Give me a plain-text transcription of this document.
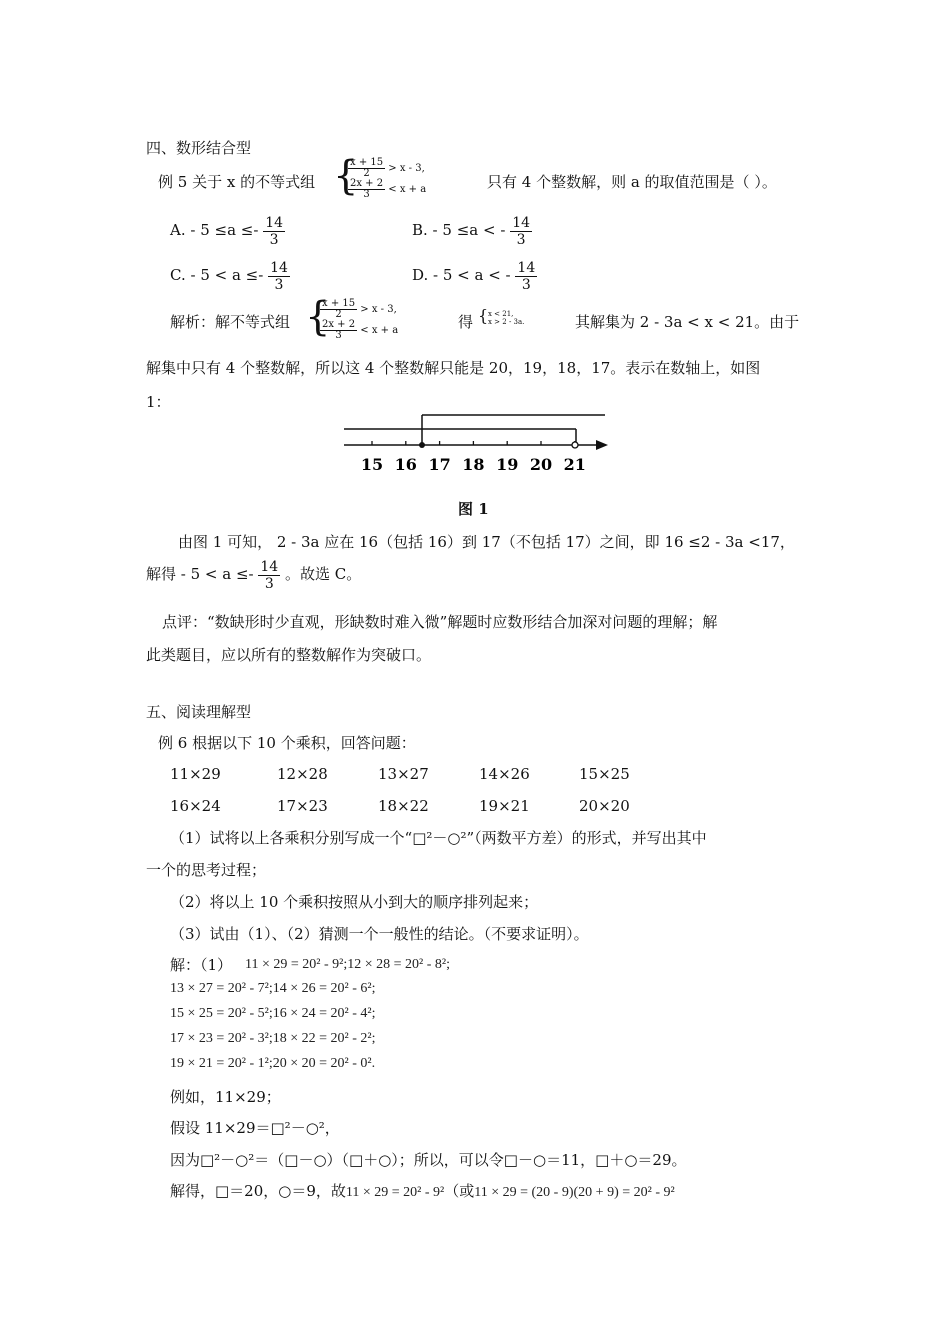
四、数形结合型
例 5 关于 x 的不等式组 {
$\frac{x + 15}{2} > x - 3$,

$\frac{2x + 2}{3} < x + a$	只有 4 个整数解，则 a 的取值范围是（ ）。
A. - $5 \le a \le- \frac{14}{3}$	B. - 5 ≤a < - $\frac{14}{3}$
C. - $5 < a \le- \frac{14}{3}$	D. - 5 < a < - $\frac{14}{3}$
解析：解不等式组 {
$\frac{x + 15}{2} > x - 3$,

$\frac{2x + 2}{3} < x + a$	得 { x < 21,
x > 2 - 3a.	其解集为 2 - 3a < x < 21。由于
解集中只有 4 个整数解，所以这 4 个整数解只能是 20，19，18，17。表示在数轴上，如图
1：
15 16 17 18 19 20 21
图 1
由图 1 可知， 2 - 3a 应在 16（包括 16）到 17（不包括 17）之间，即 16 ≤2 - 3a <17，
解得 - $5 < a \le- \frac{14}{3}$ 。故选 C。
点评：“数缺形时少直观，形缺数时难入微”解题时应数形结合加深对问题的理解；解
此类题目，应以所有的整数解作为突破口。
五、阅读理解型
例 6 根据以下 10 个乘积，回答问题：
11×29	12×28	13×27	14×26	15×25
16×24	17×23	18×22	19×21	20×20
（1）试将以上各乘积分别写成一个“□²－○²”（两数平方差）的形式，并写出其中
一个的思考过程；
（2）将以上 10 个乘积按照从小到大的顺序排列起来；
（3）试由（1）、（2）猜测一个一般性的结论。（不要求证明）。
解：（1） 11 × 29 = 20² - 9²;12 × 28 = 20² - 8²;
13 × 27 = 20² - 7²;14 × 26 = 20² - 6²;
15 × 25 = 20² - 5²;16 × 24 = 20² - 4²;
17 × 23 = 20² - 3²;18 × 22 = 20² - 2²;
19 × 21 = 20² - 1²;20 × 20 = 20² - 0².
例如，11×29；
假设 11×29＝□²－○²，
因为□²－○²＝（□－○）（□＋○）；所以，可以令□－○＝11，□＋○＝29。
解得，□＝20，○＝9，故11 × 29 = 20² - 9²（或11 × 29 = (20 - 9)(20 + 9) = 20² - 9²
